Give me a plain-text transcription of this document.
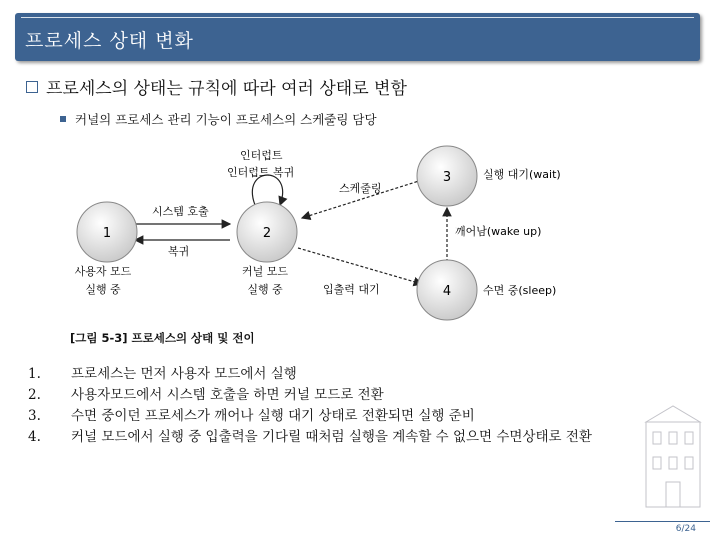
프로세스 상태 변화
프로세스의 상태는 규칙에 따라 여러 상태로 변함
커널의 프로세스 관리 기능이 프로세스의 스케줄링 담당
1	2
3
4
사용자 모드
실행 중
커널 모드
실행 중
실행 대기(wait)
수면 중(sleep)
시스템 호출
복귀
인터럽트
인터럽트 복귀
스케줄링
깨어남(wake up)
입출력 대기
[그림 5-3] 프로세스의 상태 및 전이
1.	프로세스는 먼저 사용자 모드에서 실행
2.	사용자모드에서 시스템 호출을 하면 커널 모드로 전환
3.	수면 중이던 프로세스가 깨어나 실행 대기 상태로 전환되면 실행 준비
4.	커널 모드에서 실행 중 입출력을 기다릴 때처럼 실행을 계속할 수 없으면 수면상태로 전환
6/24
